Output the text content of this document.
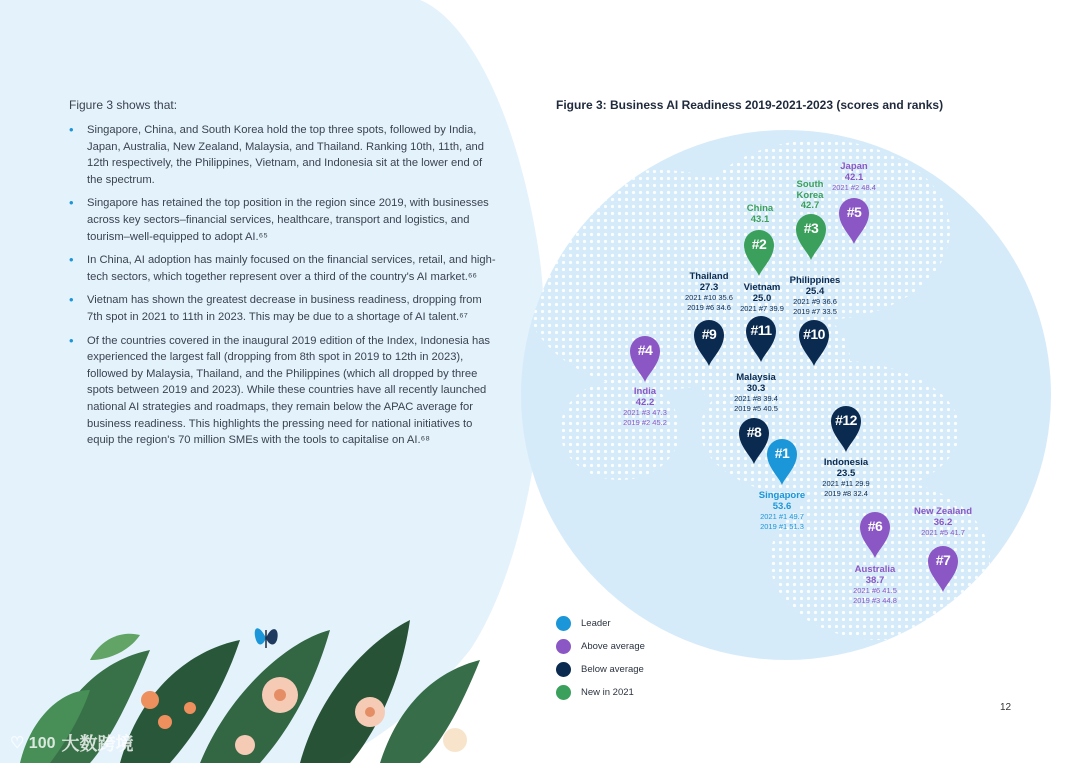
Figure 3 shows that:
• Singapore, China, and South Korea hold the top three spots, followed by India, Japan, Australia, New Zealand, Malaysia, and Thailand. Ranking 10th, 11th, and 12th respectively, the Philippines, Vietnam, and Indonesia sit at the lower end of the spectrum.
• Singapore has retained the top position in the region since 2019, with businesses across key sectors–financial services, healthcare, transport and logistics, and tourism–well-equipped to adopt AI.⁶⁵
• In China, AI adoption has mainly focused on the financial services, retail, and high-tech sectors, which together represent over a third of the country's AI market.⁶⁶
• Vietnam has shown the greatest decrease in business readiness, dropping from 7th spot in 2021 to 11th in 2023. This may be due to a shortage of AI talent.⁶⁷
• Of the countries covered in the inaugural 2019 edition of the Index, Indonesia has experienced the largest fall (dropping from 8th spot in 2019 to 12th in 2023), followed by Malaysia, Thailand, and the Philippines (which all dropped by three spots between 2019 and 2023). While these countries have all recently launched national AI strategies and roadmaps, they remain below the APAC average for business readiness. This highlights the pressing need for national initiatives to equip the region's 70 million SMEs with the tools to capitalise on AI.⁶⁸
Figure 3: Business AI Readiness 2019-2021-2023 (scores and ranks)
China
43.1
#2
South
Korea
42.7
#3
Japan
42.1
2021 #2 48.4
#5
Thailand
27.3
2021 #10 35.6
2019 #6 34.6
#9
Vietnam
25.0
2021 #7 39.9
#11
Philippines
25.4
2021 #9 36.6
2019 #7 33.5
#10
#4
India
42.2
2021 #3 47.3
2019 #2 45.2
Malaysia
30.3
2021 #8 39.4
2019 #5 40.5
#8
#1
Singapore
53.6
2021 #1 49.7
2019 #1 51.3
#12
Indonesia
23.5
2021 #11 29.9
2019 #8 32.4
#6
Australia
38.7
2021 #6 41.5
2019 #3 44.8
New Zealand
36.2
2021 #5 41.7
#7
Leader
Above average
Below average
New in 2021
12
♡ 100 大数跨境
